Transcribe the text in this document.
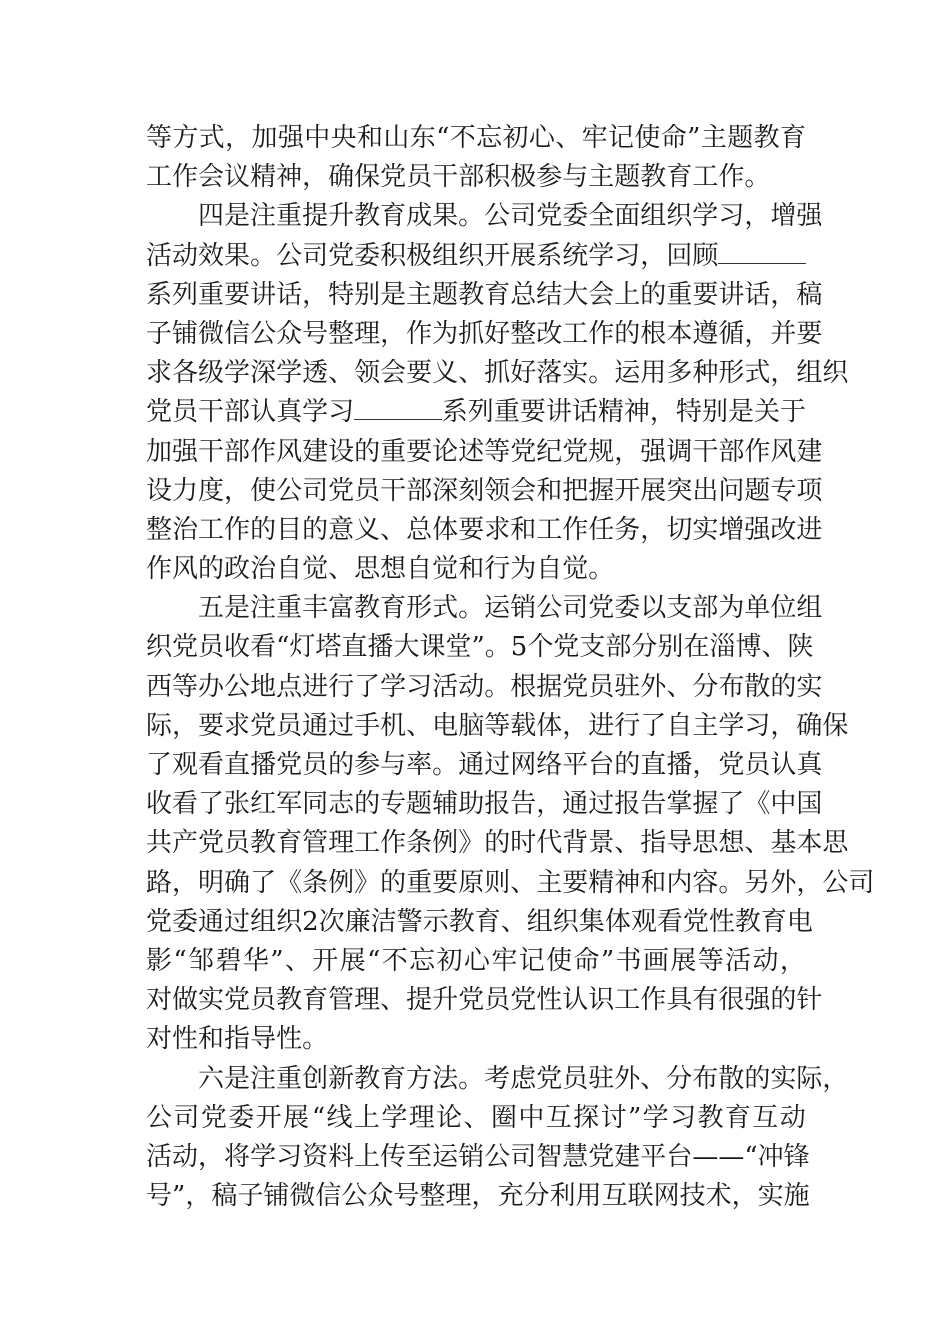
等 方 式 ， 加 强 中 央 和 山 东 “ 不 忘 初 心 、 牢 记 使 命 ” 主 题 教 育
工 作 会 议 精 神 ， 确 保 党 员 干 部 积 极 参 与 主 题 教 育 工 作 。
四 是 注 重 提 升 教 育 成 果 。 公 司 党 委 全 面 组 织 学 习 ， 增 强
活 动 效 果 。 公 司 党 委 积 极 组 织 开 展 系 统 学 习 ， 回 顾
系 列 重 要 讲 话 ， 特 别 是 主 题 教 育 总 结 大 会 上 的 重 要 讲 话 ， 稿
子 铺 微 信 公 众 号 整 理 ， 作 为 抓 好 整 改 工 作 的 根 本 遵 循 ， 并 要
求 各 级 学 深 学 透 、 领 会 要 义 、 抓 好 落 实 。 运 用 多 种 形 式 ， 组 织
党 员 干 部 认 真 学 习	系 列 重 要 讲 话 精 神 ， 特 别 是 关 于
加 强 干 部 作 风 建 设 的 重 要 论 述 等 党 纪 党 规 ， 强 调 干 部 作 风 建
设 力 度 ， 使 公 司 党 员 干 部 深 刻 领 会 和 把 握 开 展 突 出 问 题 专 项
整 治 工 作 的 目 的 意 义 、 总 体 要 求 和 工 作 任 务 ， 切 实 增 强 改 进
作 风 的 政 治 自 觉 、 思 想 自 觉 和 行 为 自 觉 。
五 是 注 重 丰 富 教 育 形 式 。 运 销 公 司 党 委 以 支 部 为 单 位 组
织 党 员 收 看 “ 灯 塔 直 播 大 课 堂 ” 。 5 个 党 支 部 分 别 在 淄 博 、 陕
西 等 办 公 地 点 进 行 了 学 习 活 动 。 根 据 党 员 驻 外 、 分 布 散 的 实
际 ， 要 求 党 员 通 过 手 机 、 电 脑 等 载 体 ， 进 行 了 自 主 学 习 ， 确 保
了 观 看 直 播 党 员 的 参 与 率 。 通 过 网 络 平 台 的 直 播 ， 党 员 认 真
收 看 了 张 红 军 同 志 的 专 题 辅 助 报 告 ， 通 过 报 告 掌 握 了 《 中 国
共 产 党 员 教 育 管 理 工 作 条 例 》 的 时 代 背 景 、 指 导 思 想 、 基 本 思
路 ， 明 确 了 《 条 例 》 的 重 要 原 则 、 主 要 精 神 和 内 容 。 另 外 ， 公 司
党 委 通 过 组 织 2 次 廉 洁 警 示 教 育 、 组 织 集 体 观 看 党 性 教 育 电
影 “ 邹 碧 华 ” 、 开 展 “ 不 忘 初 心 牢 记 使 命 ” 书 画 展 等 活 动 ，
对 做 实 党 员 教 育 管 理 、 提 升 党 员 党 性 认 识 工 作 具 有 很 强 的 针
对 性 和 指 导 性 。
六 是 注 重 创 新 教 育 方 法 。 考 虑 党 员 驻 外 、 分 布 散 的 实 际 ，
公 司 党 委 开 展 “ 线 上 学 理 论 、 圈 中 互 探 讨 ” 学 习 教 育 互 动
活 动 ， 将 学 习 资 料 上 传 至 运 销 公 司 智 慧 党 建 平 台 — — “ 冲 锋
号 ” ， 稿 子 铺 微 信 公 众 号 整 理 ， 充 分 利 用 互 联 网 技 术 ， 实 施
